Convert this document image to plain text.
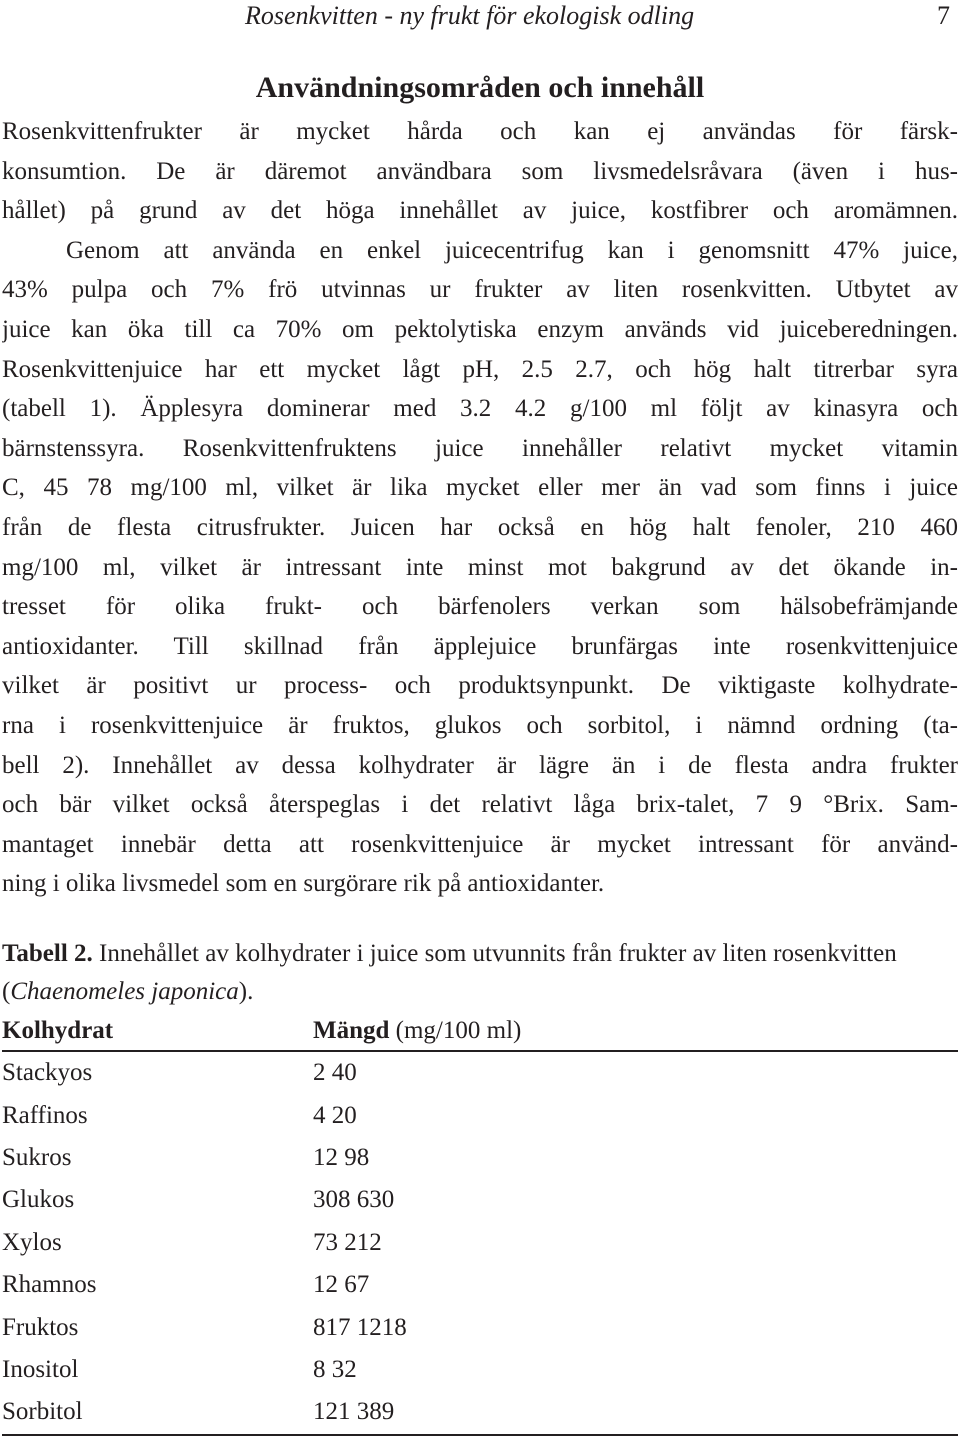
Rosenkvitten - ny frukt för ekologisk odling	7
Användningsområden och innehåll
Rosenkvittenfrukter är mycket hårda och kan ej användas för färsk-
konsumtion. De är däremot användbara som livsmedelsråvara (även i hus-
hållet) på grund av det höga innehållet av juice, kostfibrer och aromämnen.
Genom att använda en enkel juicecentrifug kan i genomsnitt 47% juice,
43% pulpa och 7% frö utvinnas ur frukter av liten rosenkvitten. Utbytet av
juice kan öka till ca 70% om pektolytiska enzym används vid juiceberedningen.
Rosenkvittenjuice har ett mycket lågt pH, 2.5 2.7, och hög halt titrerbar syra
(tabell 1). Äpplesyra dominerar med 3.2 4.2 g/100 ml följt av kinasyra och
bärnstenssyra. Rosenkvittenfruktens juice innehåller relativt mycket vitamin
C, 45 78 mg/100 ml, vilket är lika mycket eller mer än vad som finns i juice
från de flesta citrusfrukter. Juicen har också en hög halt fenoler, 210 460
mg/100 ml, vilket är intressant inte minst mot bakgrund av det ökande in-
tresset för olika frukt- och bärfenolers verkan som hälsobefrämjande
antioxidanter. Till skillnad från äpplejuice brunfärgas inte rosenkvittenjuice
vilket är positivt ur process- och produktsynpunkt. De viktigaste kolhydrate-
rna i rosenkvittenjuice är fruktos, glukos och sorbitol, i nämnd ordning (ta-
bell 2). Innehållet av dessa kolhydrater är lägre än i de flesta andra frukter
och bär vilket också återspeglas i det relativt låga brix-talet, 7 9 °Brix. Sam-
mantaget innebär detta att rosenkvittenjuice är mycket intressant för använd-
ning i olika livsmedel som en surgörare rik på antioxidanter.

Tabell 2. Innehållet av kolhydrater i juice som utvunnits från frukter av liten rosenkvitten (Chaenomeles japonica).

Kolhydrat	Mängd (mg/100 ml)
Stackyos	2 40
Raffinos	4 20
Sukros	12 98
Glukos	308 630
Xylos	73 212
Rhamnos	12 67
Fruktos	817 1218
Inositol	8 32
Sorbitol	121 389
